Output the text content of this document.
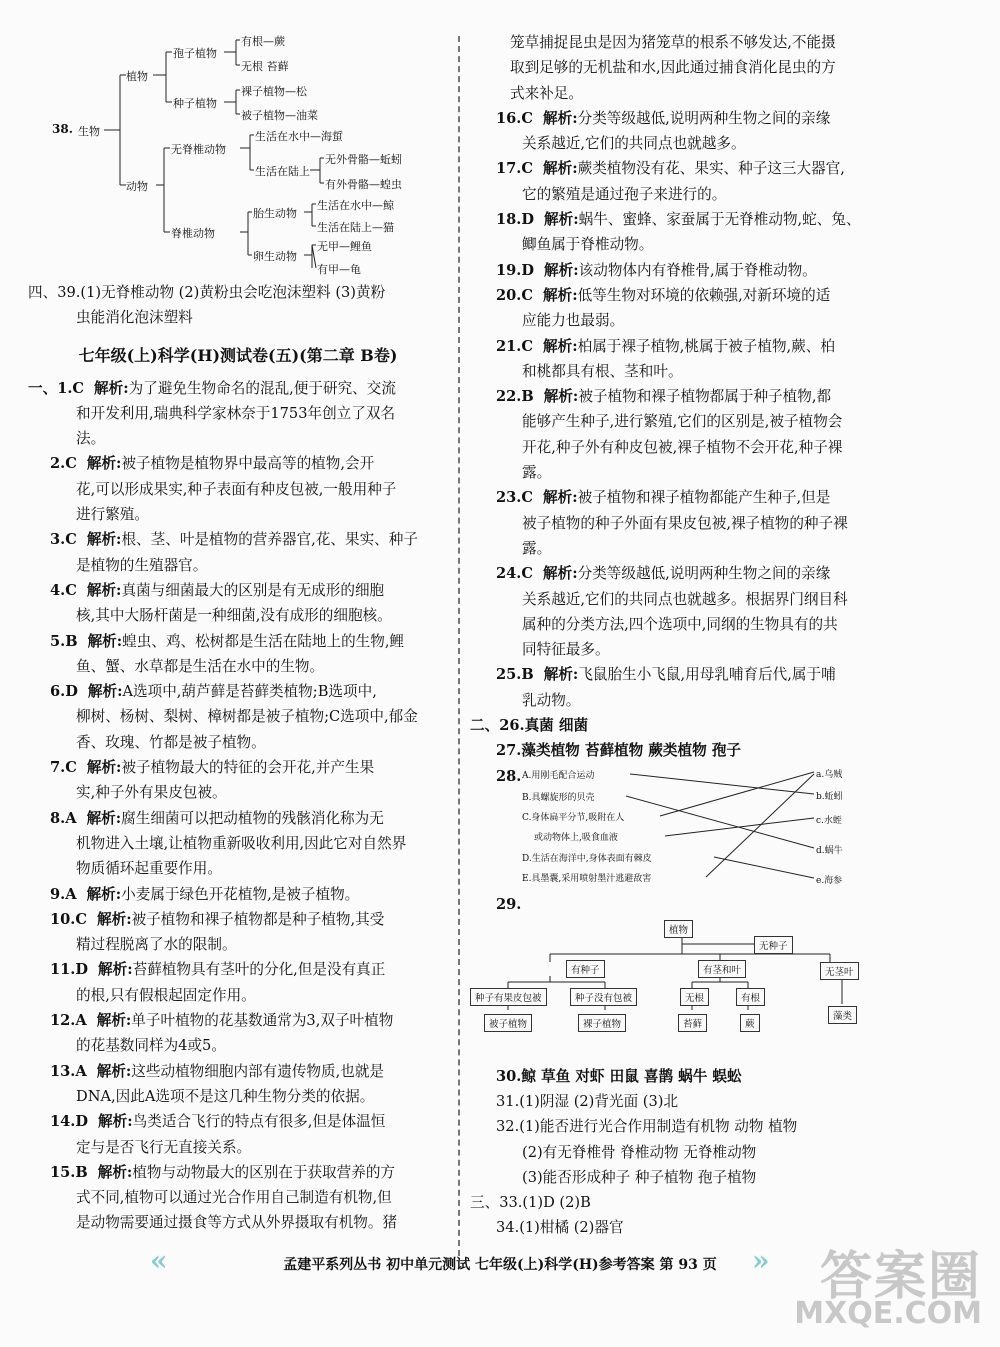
38. 生物
植物
孢子植物
有根—蕨
无根 苔藓
种子植物
裸子植物—松
被子植物—油菜
动物
无脊椎动物
生活在水中—海蜇
生活在陆上
无外骨骼—蚯蚓
有外骨骼—蝗虫
脊椎动物
胎生动物
生活在水中—鲸
生活在陆上—猫
卵生动物
无甲—鲤鱼
有甲—龟
四、39.(1)无脊椎动物 (2)黄粉虫会吃泡沫塑料 (3)黄粉
虫能消化泡沫塑料
七年级(上)科学(H)测试卷(五)(第二章 B卷)
一、1.C 解析:为了避免生物命名的混乱,便于研究、交流
和开发利用,瑞典科学家林奈于1753年创立了双名
法。
2.C 解析:被子植物是植物界中最高等的植物,会开
花,可以形成果实,种子表面有种皮包被,一般用种子
进行繁殖。
3.C 解析:根、茎、叶是植物的营养器官,花、果实、种子
是植物的生殖器官。
4.C 解析:真菌与细菌最大的区别是有无成形的细胞
核,其中大肠杆菌是一种细菌,没有成形的细胞核。
5.B 解析:蝗虫、鸡、松树都是生活在陆地上的生物,鲤
鱼、蟹、水草都是生活在水中的生物。
6.D 解析:A选项中,葫芦藓是苔藓类植物;B选项中,
柳树、杨树、梨树、樟树都是被子植物;C选项中,郁金
香、玫瑰、竹都是被子植物。
7.C 解析:被子植物最大的特征的会开花,并产生果
实,种子外有果皮包被。
8.A 解析:腐生细菌可以把动植物的残骸消化称为无
机物进入土壤,让植物重新吸收利用,因此它对自然界
物质循环起重要作用。
9.A 解析:小麦属于绿色开花植物,是被子植物。
10.C 解析:被子植物和裸子植物都是种子植物,其受
精过程脱离了水的限制。
11.D 解析:苔藓植物具有茎叶的分化,但是没有真正
的根,只有假根起固定作用。
12.A 解析:单子叶植物的花基数通常为3,双子叶植物
的花基数同样为4或5。
13.A 解析:这些动植物细胞内部有遗传物质,也就是
DNA,因此A选项不是这几种生物分类的依据。
14.D 解析:鸟类适合飞行的特点有很多,但是体温恒
定与是否飞行无直接关系。
15.B 解析:植物与动物最大的区别在于获取营养的方
式不同,植物可以通过光合作用自己制造有机物,但
是动物需要通过摄食等方式从外界摄取有机物。猪
笼草捕捉昆虫是因为猪笼草的根系不够发达,不能摄
取到足够的无机盐和水,因此通过捕食消化昆虫的方
式来补足。
16.C 解析:分类等级越低,说明两种生物之间的亲缘
关系越近,它们的共同点也就越多。
17.C 解析:蕨类植物没有花、果实、种子这三大器官,
它的繁殖是通过孢子来进行的。
18.D 解析:蜗牛、蜜蜂、家蚕属于无脊椎动物,蛇、兔、
鲫鱼属于脊椎动物。
19.D 解析:该动物体内有脊椎骨,属于脊椎动物。
20.C 解析:低等生物对环境的依赖强,对新环境的适
应能力也最弱。
21.C 解析:柏属于裸子植物,桃属于被子植物,蕨、柏
和桃都具有根、茎和叶。
22.B 解析:被子植物和裸子植物都属于种子植物,都
能够产生种子,进行繁殖,它们的区别是,被子植物会
开花,种子外有种皮包被,裸子植物不会开花,种子裸
露。
23.C 解析:被子植物和裸子植物都能产生种子,但是
被子植物的种子外面有果皮包被,裸子植物的种子裸
露。
24.C 解析:分类等级越低,说明两种生物之间的亲缘
关系越近,它们的共同点也就越多。根据界门纲目科
属种的分类方法,四个选项中,同纲的生物具有的共
同特征最多。
25.B 解析:飞鼠胎生小飞鼠,用母乳哺育后代,属于哺
乳动物。
二、26.真菌 细菌
27.藻类植物 苔藓植物 蕨类植物 孢子
28. A.用刚毛配合运动
B.具螺旋形的贝壳
C.身体扁平分节,吸附在人
或动物体上,吸食血液
D.生活在海洋中,身体表面有棘皮
E.具墨囊,采用喷射墨汁逃避敌害
a.乌贼
b.蚯蚓
c.水蛭
d.蜗牛
e.海参
29.
植物
无种子
有种子	有茎和叶	无茎叶
种子有果皮包被	种子没有包被	无根	有根
被子植物	裸子植物	苔藓	蕨
藻类
30.鲸 草鱼 对虾 田鼠 喜鹊 蜗牛 蜈蚣
31.(1)阴湿 (2)背光面 (3)北
32.(1)能否进行光合作用制造有机物 动物 植物
(2)有无脊椎骨 脊椎动物 无脊椎动物
(3)能否形成种子 种子植物 孢子植物
三、33.(1)D (2)B
34.(1)柑橘 (2)器官
«	孟建平系列丛书 初中单元测试 七年级(上)科学(H)参考答案 第 93 页 » 答案圈
MXQE.COM
